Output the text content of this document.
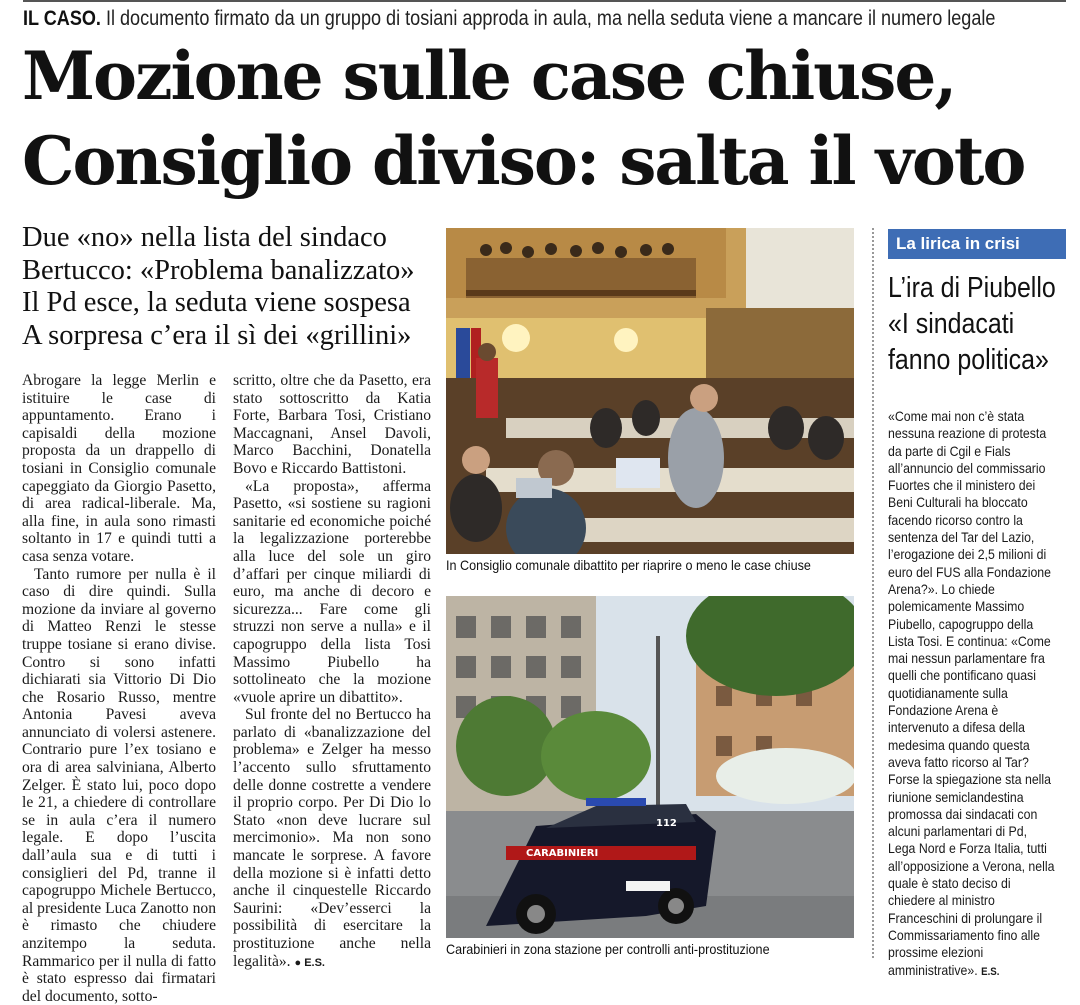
IL CASO. Il documento firmato da un gruppo di tosiani approda in aula, ma nella seduta viene a mancare il numero legale
Mozione sulle case chiuse,
Consiglio diviso: salta il voto
Due «no» nella lista del sindaco
Bertucco: «Problema banalizzato»
Il Pd esce, la seduta viene sospesa
A sorpresa c’era il sì dei «grillini»

Abrogare la legge Merlin e istituire le case di appuntamento. Erano i capisaldi della mozione proposta da un drappello di tosiani in Consiglio comunale capeggiato da Giorgio Pasetto, di area radical-liberale. Ma, alla fine, in aula sono rimasti soltanto in 17 e quindi tutti a casa senza votare.

Tanto rumore per nulla è il caso di dire quindi. Sulla mozione da inviare al governo di Matteo Renzi le stesse truppe tosiane si erano divise. Contro si sono infatti dichiarati sia Vittorio Di Dio che Rosario Russo, mentre Antonia Pavesi aveva annunciato di volersi astenere. Contrario pure l’ex tosiano e ora di area salviniana, Alberto Zelger. È stato lui, poco dopo le 21, a chiedere di controllare se in aula c’era il numero legale. E dopo l’uscita dall’aula sua e di tutti i consiglieri del Pd, tranne il capogruppo Michele Bertucco, al presidente Luca Zanotto non è rimasto che chiudere anzitempo la seduta. Rammarico per il nulla di fatto è stato espresso dai firmatari del documento, sotto-

scritto, oltre che da Pasetto, era stato sottoscritto da Katia Forte, Barbara Tosi, Cristiano Maccagnani, Ansel Davoli, Marco Bacchini, Donatella Bovo e Riccardo Battistoni.

«La proposta», afferma Pasetto, «si sostiene su ragioni sanitarie ed economiche poiché la legalizzazione porterebbe alla luce del sole un giro d’affari per cinque miliardi di euro, ma anche di decoro e sicurezza... Fare come gli struzzi non serve a nulla» e il capogruppo della lista Tosi Massimo Piubello ha sottolineato che la mozione «vuole aprire un dibattito».

Sul fronte del no Bertucco ha parlato di «banalizzazione del problema» e Zelger ha messo l’accento sullo sfruttamento delle donne costrette a vendere il proprio corpo. Per Di Dio lo Stato «non deve lucrare sul mercimonio». Ma non sono mancate le sorprese. A favore della mozione si è infatti detto anche il cinquestelle Riccardo Saurini: «Dev’esserci la possibilità di esercitare la prostituzione anche nella legalità». ● E.S.

In Consiglio comunale dibattito per riaprire o meno le case chiuse
CARABINIERI
112
Carabinieri in zona stazione per controlli anti-prostituzione
La lirica in crisi
L’ira di Piubello
«I sindacati
fanno politica»
«Come mai non c’è stata nessuna reazione di protesta da parte di Cgil e Fials all’annuncio del commissario Fuortes che il ministero dei Beni Culturali ha bloccato facendo ricorso contro la sentenza del Tar del Lazio, l’erogazione dei 2,5 milioni di euro del FUS alla Fondazione Arena?». Lo chiede polemicamente Massimo Piubello, capogruppo della Lista Tosi. E continua: «Come mai nessun parlamentare fra quelli che pontificano quasi quotidianamente sulla Fondazione Arena è intervenuto a difesa della medesima quando questa aveva fatto ricorso al Tar? Forse la spiegazione sta nella riunione semiclandestina promossa dai sindacati con alcuni parlamentari di Pd, Lega Nord e Forza Italia, tutti all’opposizione a Verona, nella quale è stato deciso di chiedere al ministro Franceschini di prolungare il Commissariamento fino alle prossime elezioni amministrative». E.S.
